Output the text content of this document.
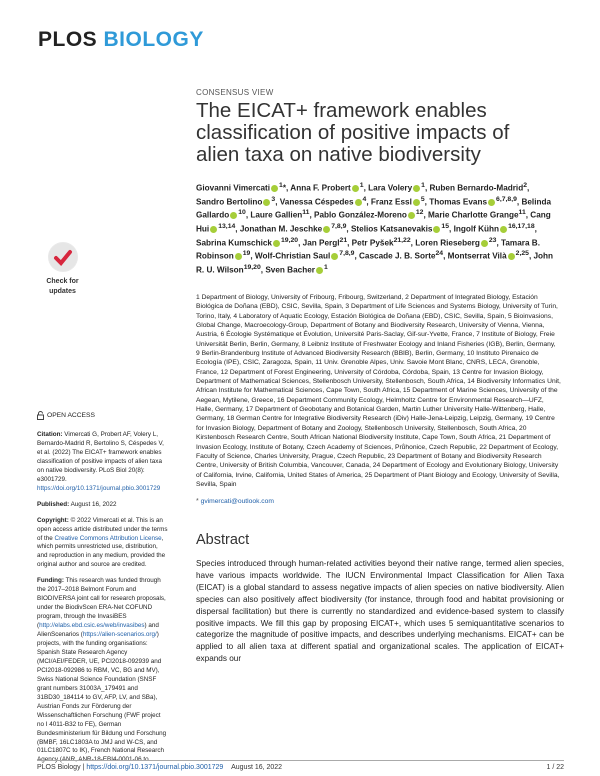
PLOS BIOLOGY
CONSENSUS VIEW
The EICAT+ framework enables classification of positive impacts of alien taxa on native biodiversity
Giovanni Vimercati $^1$*, Anna F. Probert $^1$, Lara Volery $^1$, Ruben Bernardo-Madrid$^2$, Sandro Bertolino $^3$, Vanessa Céspedes $^4$, Franz Essl $^5$, Thomas Evans $^{6,7,8,9}$, Belinda Gallardo $^{10}$, Laure Gallien$^{11}$, Pablo González-Moreno $^{12}$, Marie Charlotte Grange$^{11}$, Cang Hui $^{13,14}$, Jonathan M. Jeschke $^{7,8,9}$, Stelios Katsanevakis $^{15}$, Ingolf Kühn $^{16,17,18}$, Sabrina Kumschick $^{19,20}$, Jan Pergl$^{21}$, Petr Pyšek$^{21,22}$, Loren Rieseberg $^{23}$, Tamara B. Robinson $^{19}$, Wolf-Christian Saul $^{7,8,9}$, Cascade J. B. Sorte$^{24}$, Montserrat Vilà $^{2,25}$, John R. U. Wilson$^{19,20}$, Sven Bacher $^1$
1 Department of Biology, University of Fribourg, Fribourg, Switzerland, 2 Department of Integrated Biology, Estación Biológica de Doñana (EBD), CSIC, Sevilla, Spain, 3 Department of Life Sciences and Systems Biology, University of Turin, Torino, Italy, 4 Laboratory of Aquatic Ecology, Estación Biológica de Doñana (EBD), CSIC, Sevilla, Spain, 5 Bioinvasions, Global Change, Macroecology-Group, Department of Botany and Biodiversity Research, University of Vienna, Vienna, Austria, 6 Écologie Systématique et Évolution, Université Paris-Saclay, Gif-sur-Yvette, France, 7 Institute of Biology, Freie Universität Berlin, Berlin, Germany, 8 Leibniz Institute of Freshwater Ecology and Inland Fisheries (IGB), Berlin, Germany, 9 Berlin-Brandenburg Institute of Advanced Biodiversity Research (BBIB), Berlin, Germany, 10 Instituto Pirenaico de Ecología (IPE), CSIC, Zaragoza, Spain, 11 Univ. Grenoble Alpes, Univ. Savoie Mont Blanc, CNRS, LECA, Grenoble, France, 12 Department of Forest Engineering, University of Córdoba, Córdoba, Spain, 13 Centre for Invasion Biology, Department of Mathematical Sciences, Stellenbosch University, Stellenbosch, South Africa, 14 Biodiversity Informatics Unit, African Institute for Mathematical Sciences, Cape Town, South Africa, 15 Department of Marine Sciences, University of the Aegean, Mytilene, Greece, 16 Department Community Ecology, Helmholtz Centre for Environmental Research—UFZ, Halle, Germany, 17 Department of Geobotany and Botanical Garden, Martin Luther University Halle-Wittenberg, Halle, Germany, 18 German Centre for Integrative Biodiversity Research (iDiv) Halle-Jena-Leipzig, Leipzig, Germany, 19 Centre for Invasion Biology, Department of Botany and Zoology, Stellenbosch University, Stellenbosch, South Africa, 20 Kirstenbosch Research Centre, South African National Biodiversity Institute, Cape Town, South Africa, 21 Department of Invasion Ecology, Institute of Botany, Czech Academy of Sciences, Průhonice, Czech Republic, 22 Department of Ecology, Faculty of Science, Charles University, Prague, Czech Republic, 23 Department of Botany and Biodiversity Research Centre, University of British Columbia, Vancouver, Canada, 24 Department of Ecology and Evolutionary Biology, University of California, Irvine, California, United States of America, 25 Department of Plant Biology and Ecology, University of Sevilla, Sevilla, Spain
* gvimercati@outlook.com
Abstract
Species introduced through human-related activities beyond their native range, termed alien species, have various impacts worldwide. The IUCN Environmental Impact Classification for Alien Taxa (EICAT) is a global standard to assess negative impacts of alien species on native biodiversity. Alien species can also positively affect biodiversity (for instance, through food and habitat provisioning or dispersal facilitation) but there is currently no standardized and evidence-based system to classify positive impacts. We fill this gap by proposing EICAT+, which uses 5 semiquantitative scenarios to categorize the magnitude of positive impacts, and describes underlying mechanisms. EICAT+ can be applied to all alien taxa at different spatial and organizational scales. The application of EICAT+ expands our
Check for
updates
OPEN ACCESS

Citation: Vimercati G, Probert AF, Volery L, Bernardo-Madrid R, Bertolino S, Céspedes V, et al. (2022) The EICAT+ framework enables classification of positive impacts of alien taxa on native biodiversity. PLoS Biol 20(8): e3001729. https://doi.org/10.1371/journal.pbio.3001729

Published: August 16, 2022

Copyright: © 2022 Vimercati et al. This is an open access article distributed under the terms of the Creative Commons Attribution License, which permits unrestricted use, distribution, and reproduction in any medium, provided the original author and source are credited.

Funding: This research was funded through the 2017–2018 Belmont Forum and BIODIVERSA joint call for research proposals, under the BiodivScen ERA-Net COFUND program, through the InvasiBES (http://elabs.ebd.csic.es/web/invasibes) and AlienScenarios (https://alien-scenarios.org/) projects, with the funding organisations: Spanish State Research Agency (MCI/AEI/FEDER, UE, PCI2018-092939 and PCI2018-092986 to RBM, VC, BG and MV), Swiss National Science Foundation (SNSF grant numbers 31003A_179491 and 31BD30_184114 to GV, AFP, LV, and SBa), Austrian Fonds zur Förderung der Wissenschaftlichen Forschung (FWF project no I 4011-B32 to FE), German Bundesministerium für Bildung und Forschung (BMBF, 16LC1803A to JMJ and W-CS, and 01LC1807C to IK), French National Research Agency (ANR, ANR-18-EBI4-0001-06 to

PLOS Biology | https://doi.org/10.1371/journal.pbio.3001729 August 16, 2022	1 / 22
